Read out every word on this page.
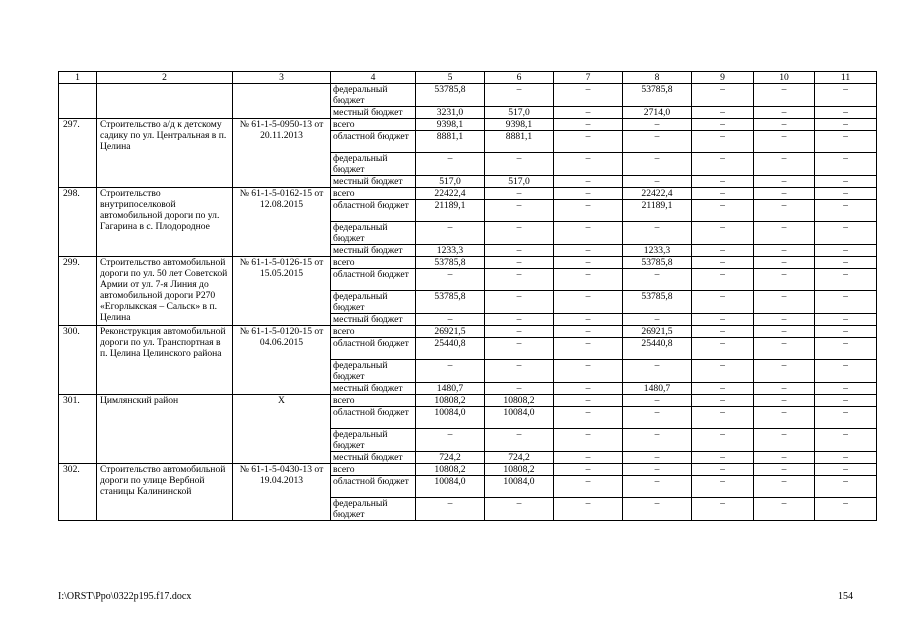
1	2	3	4	5	6	7	8	9	10	11
			федеральный бюджет	53785,8	–	–	53785,8	–	–	–
			местный бюджет	3231,0	517,0	–	2714,0	–	–	–
297.	Строительство а/д к детскому садику по ул. Центральная в п. Целина	№ 61-1-5-0950-13 от 20.11.2013	всего	9398,1	9398,1	–	–	–	–	–
			областной бюджет	8881,1	8881,1	–	–	–	–	–
			федеральный бюджет	–	–	–	–	–	–	–
			местный бюджет	517,0	517,0	–	–	–	–	–
298.	Строительство внутрипоселковой автомобильной дороги по ул. Гагарина в с. Плодородное	№ 61-1-5-0162-15 от 12.08.2015	всего	22422,4	–	–	22422,4	–	–	–
			областной бюджет	21189,1	–	–	21189,1	–	–	–
			федеральный бюджет	–	–	–	–	–	–	–
			местный бюджет	1233,3	–	–	1233,3	–	–	–
299.	Строительство автомобильной дороги по ул. 50 лет Советской Армии от ул. 7-я Линия до автомобильной дороги Р270 «Егорлыкская – Сальск» в п. Целина	№ 61-1-5-0126-15 от 15.05.2015	всего	53785,8	–	–	53785,8	–	–	–
			областной бюджет	–	–	–	–	–	–	–
			федеральный бюджет	53785,8	–	–	53785,8	–	–	–
			местный бюджет	–	–	–	–	–	–	–
300.	Реконструкция автомобильной дороги по ул. Транспортная в п. Целина Целинского района	№ 61-1-5-0120-15 от 04.06.2015	всего	26921,5	–	–	26921,5	–	–	–
			областной бюджет	25440,8	–	–	25440,8	–	–	–
			федеральный бюджет	–	–	–	–	–	–	–
			местный бюджет	1480,7	–	–	1480,7	–	–	–
301.	Цимлянский район	Х	всего	10808,2	10808,2	–	–	–	–	–
			областной бюджет	10084,0	10084,0	–	–	–	–	–
			федеральный бюджет	–	–	–	–	–	–	–
			местный бюджет	724,2	724,2	–	–	–	–	–
302.	Строительство автомобильной дороги по улице Вербной станицы Калининской	№ 61-1-5-0430-13 от 19.04.2013	всего	10808,2	10808,2	–	–	–	–	–
			областной бюджет	10084,0	10084,0	–	–	–	–	–
			федеральный бюджет	–	–	–	–	–	–	–
I:\ORST\Ppo\0322p195.f17.docx	154
